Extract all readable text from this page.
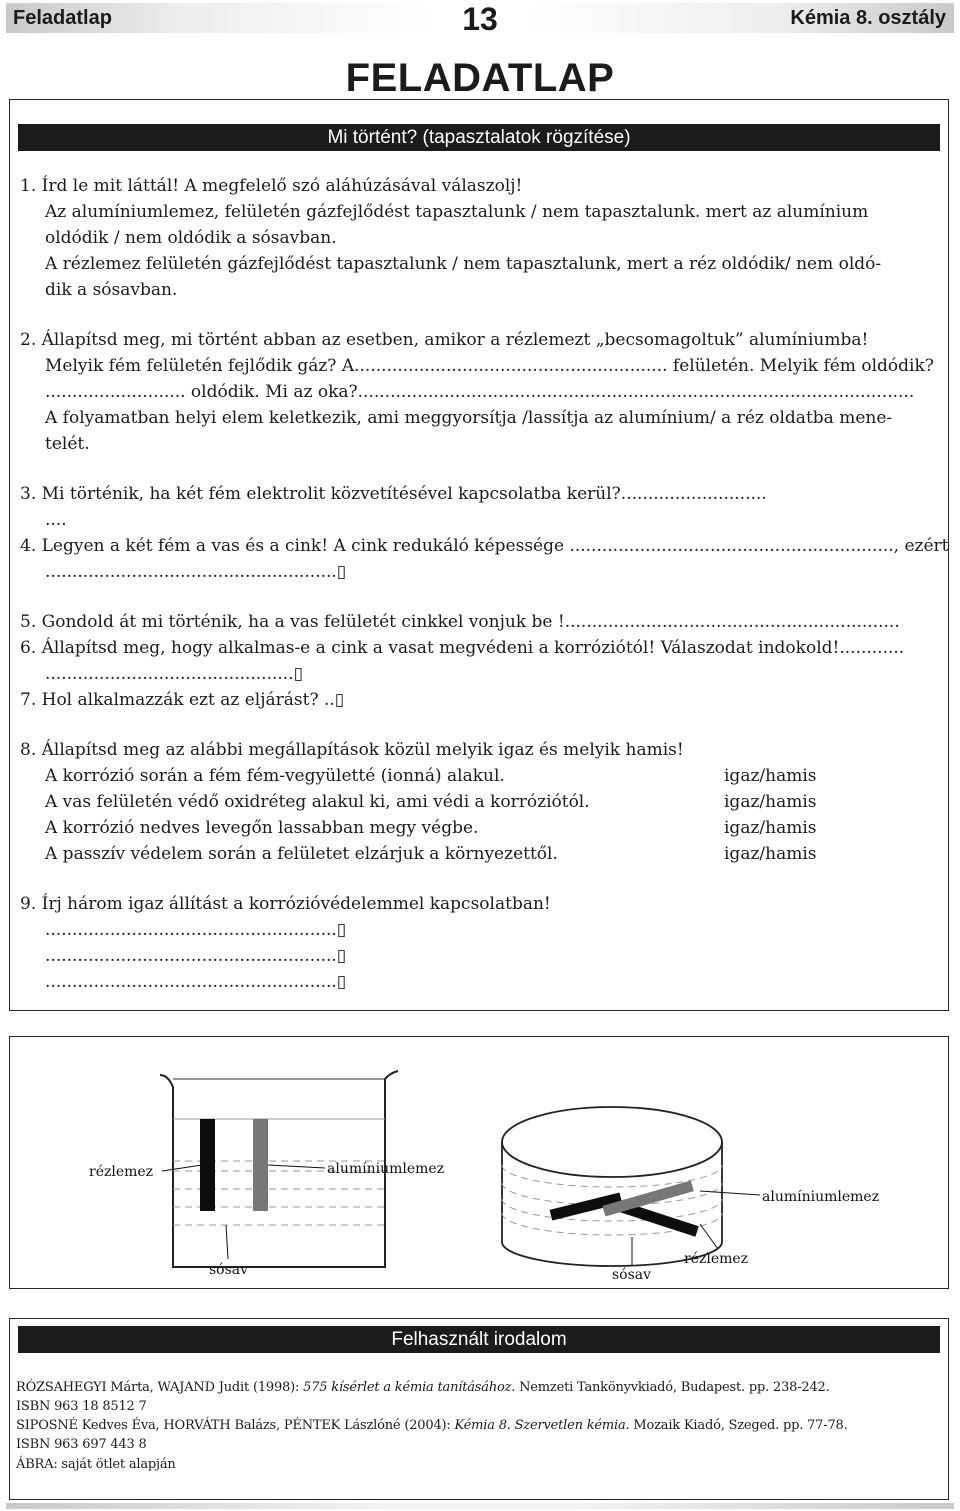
Feladatlap	13	Kémia 8. osztály
FELADATLAP
Mi történt? (tapasztalatok rögzítése)
1. Írd le mit láttál! A megfelelő szó aláhúzásával válaszolj!
Az alumíniumlemez, felületén gázfejlődést tapasztalunk / nem tapasztalunk. mert az alumínium
oldódik / nem oldódik a sósavban.
A rézlemez felületén gázfejlődést tapasztalunk / nem tapasztalunk, mert a réz oldódik/ nem oldó-
dik a sósavban.
2. Állapítsd meg, mi történt abban az esetben, amikor a rézlemezt „becsomagoltuk” alumíniumba!
Melyik fém felületén fejlődik gáz? A.......................................................... felületén. Melyik fém oldódik?
.......................... oldódik. Mi az oka?.......................................................................................................
A folyamatban helyi elem keletkezik, ami meggyorsítja /lassítja az alumínium/ a réz oldatba mene-
telét.
3. Mi történik, ha két fém elektrolit közvetítésével kapcsolatba kerül?...........................
....
4. Legyen a két fém a vas és a cink! A cink redukáló képessége ............................................................, ezért
......................................................▯
5. Gondold át mi történik, ha a vas felületét cinkkel vonjuk be !..............................................................
6. Állapítsd meg, hogy alkalmas-e a cink a vasat megvédeni a korróziótól! Válaszodat indokold!............
..............................................▯
7. Hol alkalmazzák ezt az eljárást? ..▯
8. Állapítsd meg az alábbi megállapítások közül melyik igaz és melyik hamis!
A korrózió során a fém fém-vegyületté (ionná) alakul.	igaz/hamis
A vas felületén védő oxidréteg alakul ki, ami védi a korróziótól.	igaz/hamis
A korrózió nedves levegőn lassabban megy végbe.	igaz/hamis
A passzív védelem során a felületet elzárjuk a környezettől.	igaz/hamis
9. Írj három igaz állítást a korrózióvédelemmel kapcsolatban!
......................................................▯
......................................................▯
......................................................▯
rézlemez	alumíniumlemez
sósav
alumíniumlemez
rézlemez
sósav
Felhasznált irodalom
RÓZSAHEGYI Márta, WAJAND Judit (1998): 575 kísérlet a kémia tanításához. Nemzeti Tankönyvkiadó, Budapest. pp. 238-242.
ISBN 963 18 8512 7
SIPOSNÉ Kedves Éva, HORVÁTH Balázs, PÉNTEK Lászlóné (2004): Kémia 8. Szervetlen kémia. Mozaik Kiadó, Szeged. pp. 77-78.
ISBN 963 697 443 8
ÁBRA: saját ötlet alapján
